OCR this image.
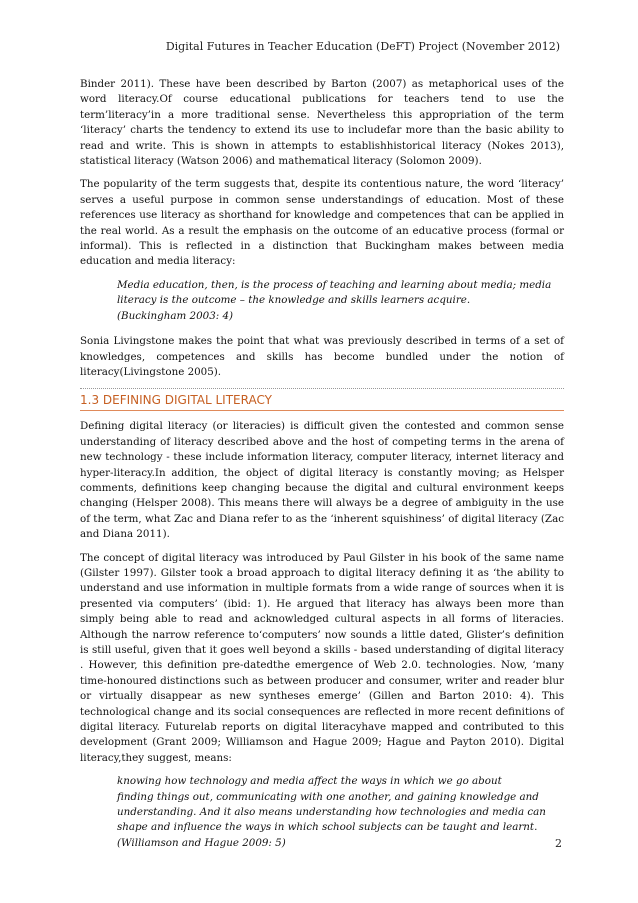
Digital Futures in Teacher Education (DeFT) Project (November 2012)

Binder 2011). These have been described by Barton (2007) as metaphorical uses of the word literacy.Of course educational publications for teachers tend to use the term’literacy’in a more traditional sense. Nevertheless this appropriation of the term ‘literacy’ charts the tendency to extend its use to includefar more than the basic ability to read and write. This is shown in attempts to establishhistorical literacy (Nokes 2013), statistical literacy (Watson 2006) and mathematical literacy (Solomon 2009).

The popularity of the term suggests that, despite its contentious nature, the word ‘literacy’ serves a useful purpose in common sense understandings of education. Most of these references use literacy as shorthand for knowledge and competences that can be applied in the real world. As a result the emphasis on the outcome of an educative process (formal or informal). This is reflected in a distinction that Buckingham makes between media education and media literacy:

Media education, then, is the process of teaching and learning about media; media
literacy is the outcome – the knowledge and skills learners acquire.
(Buckingham 2003: 4)

Sonia Livingstone makes the point that what was previously described in terms of a set of knowledges, competences and skills has become bundled under the notion of literacy(Livingstone 2005).

1.3 DEFINING DIGITAL LITERACY

Defining digital literacy (or literacies) is difficult given the contested and common sense understanding of literacy described above and the host of competing terms in the arena of new technology - these include information literacy, computer literacy, internet literacy and hyper-literacy.In addition, the object of digital literacy is constantly moving; as Helsper comments, definitions keep changing because the digital and cultural environment keeps changing (Helsper 2008). This means there will always be a degree of ambiguity in the use of the term, what Zac and Diana refer to as the ‘inherent squishiness’ of digital literacy (Zac and Diana 2011).

The concept of digital literacy was introduced by Paul Gilster in his book of the same name (Gilster 1997). Gilster took a broad approach to digital literacy defining it as ‘the ability to understand and use information in multiple formats from a wide range of sources when it is presented via computers’ (ibid: 1). He argued that literacy has always been more than simply being able to read and acknowledged cultural aspects in all forms of literacies. Although the narrow reference to‘computers’ now sounds a little dated, Glister’s definition is still useful, given that it goes well beyond a skills - based understanding of digital literacy . However, this definition pre-datedthe emergence of Web 2.0. technologies. Now, ‘many time-honoured distinctions such as between producer and consumer, writer and reader blur or virtually disappear as new syntheses emerge’ (Gillen and Barton 2010: 4). This technological change and its social consequences are reflected in more recent definitions of digital literacy. Futurelab reports on digital literacyhave mapped and contributed to this development (Grant 2009; Williamson and Hague 2009; Hague and Payton 2010). Digital literacy,they suggest, means:

knowing how technology and media affect the ways in which we go about
finding things out, communicating with one another, and gaining knowledge and
understanding. And it also means understanding how technologies and media can
shape and influence the ways in which school subjects can be taught and learnt.
(Williamson and Hague 2009: 5)	2
